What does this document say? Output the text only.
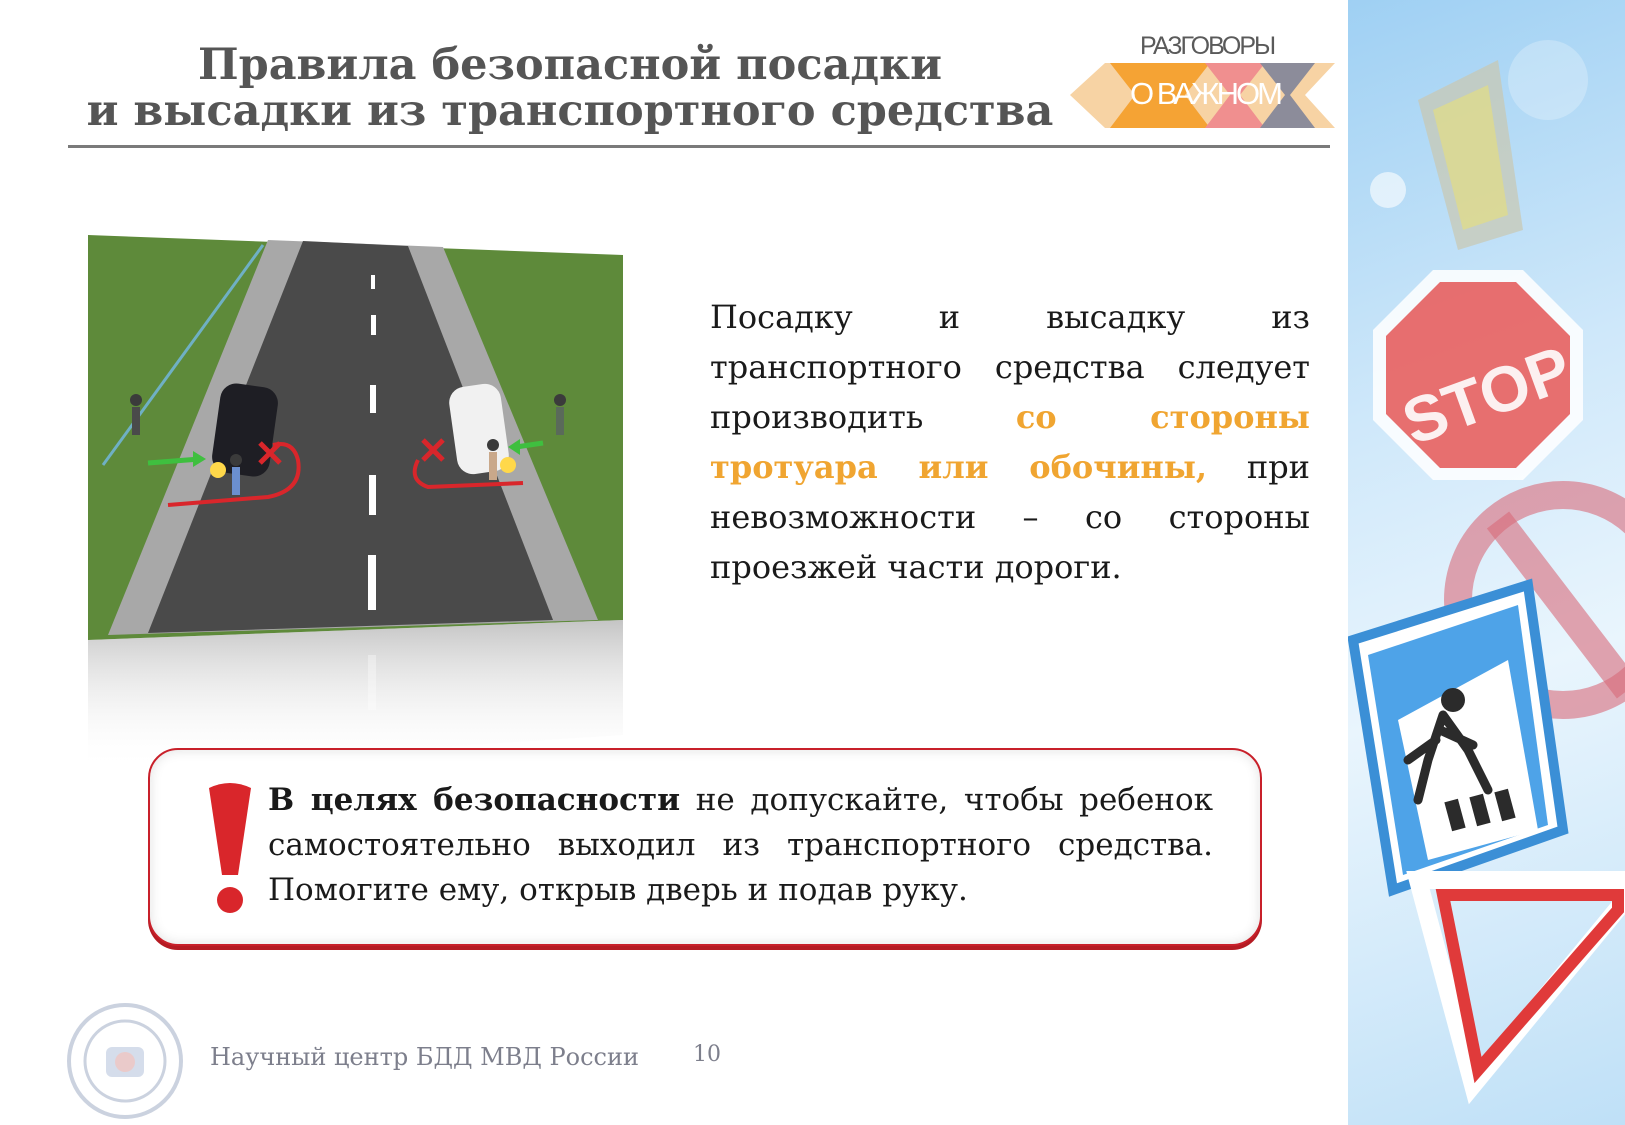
STOP
Правила безопасной посадки
и высадки из транспортного средства
РАЗГОВОРЫ
О ВАЖНОМ
Посадку и высадку из транспортного средства следует производить со стороны тротуара или обочины, при невозможности – со стороны проезжей части дороги.
В целях безопасности не допускайте, чтобы ребенок самостоятельно выходил из транспортного средства. Помогите ему, открыв дверь и подав руку.
Научный центр БДД МВД России 10
